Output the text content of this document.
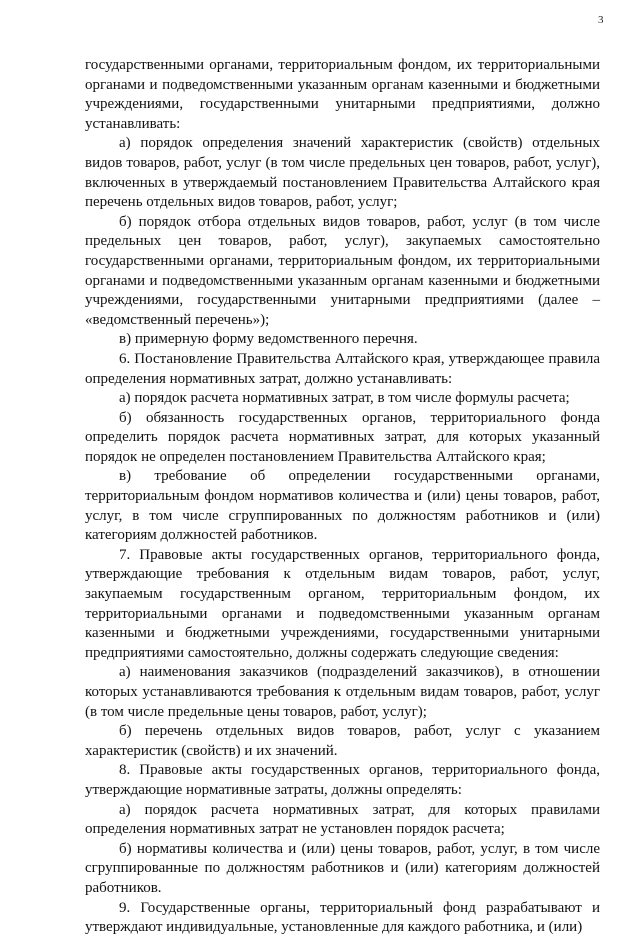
3

государственными органами, территориальным фондом, их территориальными органами и подведомственными указанным органам казенными и бюджетными учреждениями, государственными унитарными предприятиями, должно устанавливать:

а) порядок определения значений характеристик (свойств) отдельных видов товаров, работ, услуг (в том числе предельных цен товаров, работ, услуг), включенных в утверждаемый постановлением Правительства Алтайского края перечень отдельных видов товаров, работ, услуг;

б) порядок отбора отдельных видов товаров, работ, услуг (в том числе предельных цен товаров, работ, услуг), закупаемых самостоятельно государственными органами, территориальным фондом, их территориальными органами и подведомственными указанным органам казенными и бюджетными учреждениями, государственными унитарными предприятиями (далее – «ведомственный перечень»);

в) примерную форму ведомственного перечня.

6. Постановление Правительства Алтайского края, утверждающее правила определения нормативных затрат, должно устанавливать:

а) порядок расчета нормативных затрат, в том числе формулы расчета;

б) обязанность государственных органов, территориального фонда определить порядок расчета нормативных затрат, для которых указанный порядок не определен постановлением Правительства Алтайского края;

в) требование об определении государственными органами, территориальным фондом нормативов количества и (или) цены товаров, работ, услуг, в том числе сгруппированных по должностям работников и (или) категориям должностей работников.

7. Правовые акты государственных органов, территориального фонда, утверждающие требования к отдельным видам товаров, работ, услуг, закупаемым государственным органом, территориальным фондом, их территориальными органами и подведомственными указанным органам казенными и бюджетными учреждениями, государственными унитарными предприятиями самостоятельно, должны содержать следующие сведения:

а) наименования заказчиков (подразделений заказчиков), в отношении которых устанавливаются требования к отдельным видам товаров, работ, услуг (в том числе предельные цены товаров, работ, услуг);

б) перечень отдельных видов товаров, работ, услуг с указанием характеристик (свойств) и их значений.

8. Правовые акты государственных органов, территориального фонда, утверждающие нормативные затраты, должны определять:

а) порядок расчета нормативных затрат, для которых правилами определения нормативных затрат не установлен порядок расчета;

б) нормативы количества и (или) цены товаров, работ, услуг, в том числе сгруппированные по должностям работников и (или) категориям должностей работников.

9. Государственные органы, территориальный фонд разрабатывают и утверждают индивидуальные, установленные для каждого работника, и (или)
